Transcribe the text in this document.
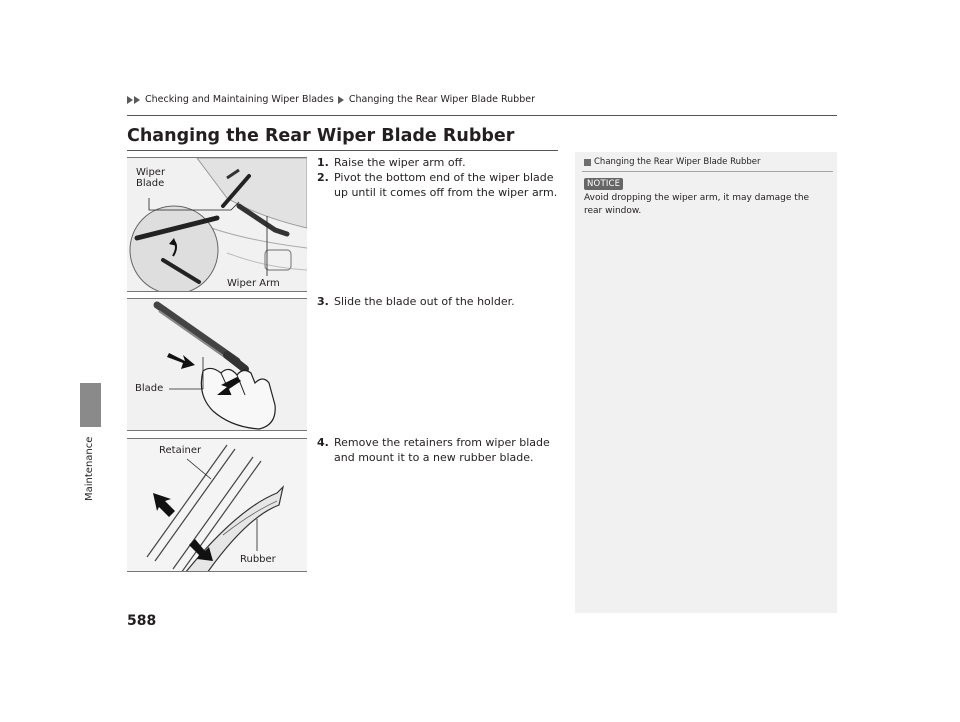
Checking and Maintaining Wiper Blades Changing the Rear Wiper Blade Rubber
Maintenance
Changing the Rear Wiper Blade Rubber
Wiper
Blade
Wiper Arm
Blade
Retainer
Rubber
1. Raise the wiper arm off.
2. Pivot the bottom end of the wiper blade up until it comes off from the wiper arm.
3. Slide the blade out of the holder.
4. Remove the retainers from wiper blade and mount it to a new rubber blade.
Changing the Rear Wiper Blade Rubber
NOTICE
Avoid dropping the wiper arm, it may damage the rear window.
588
